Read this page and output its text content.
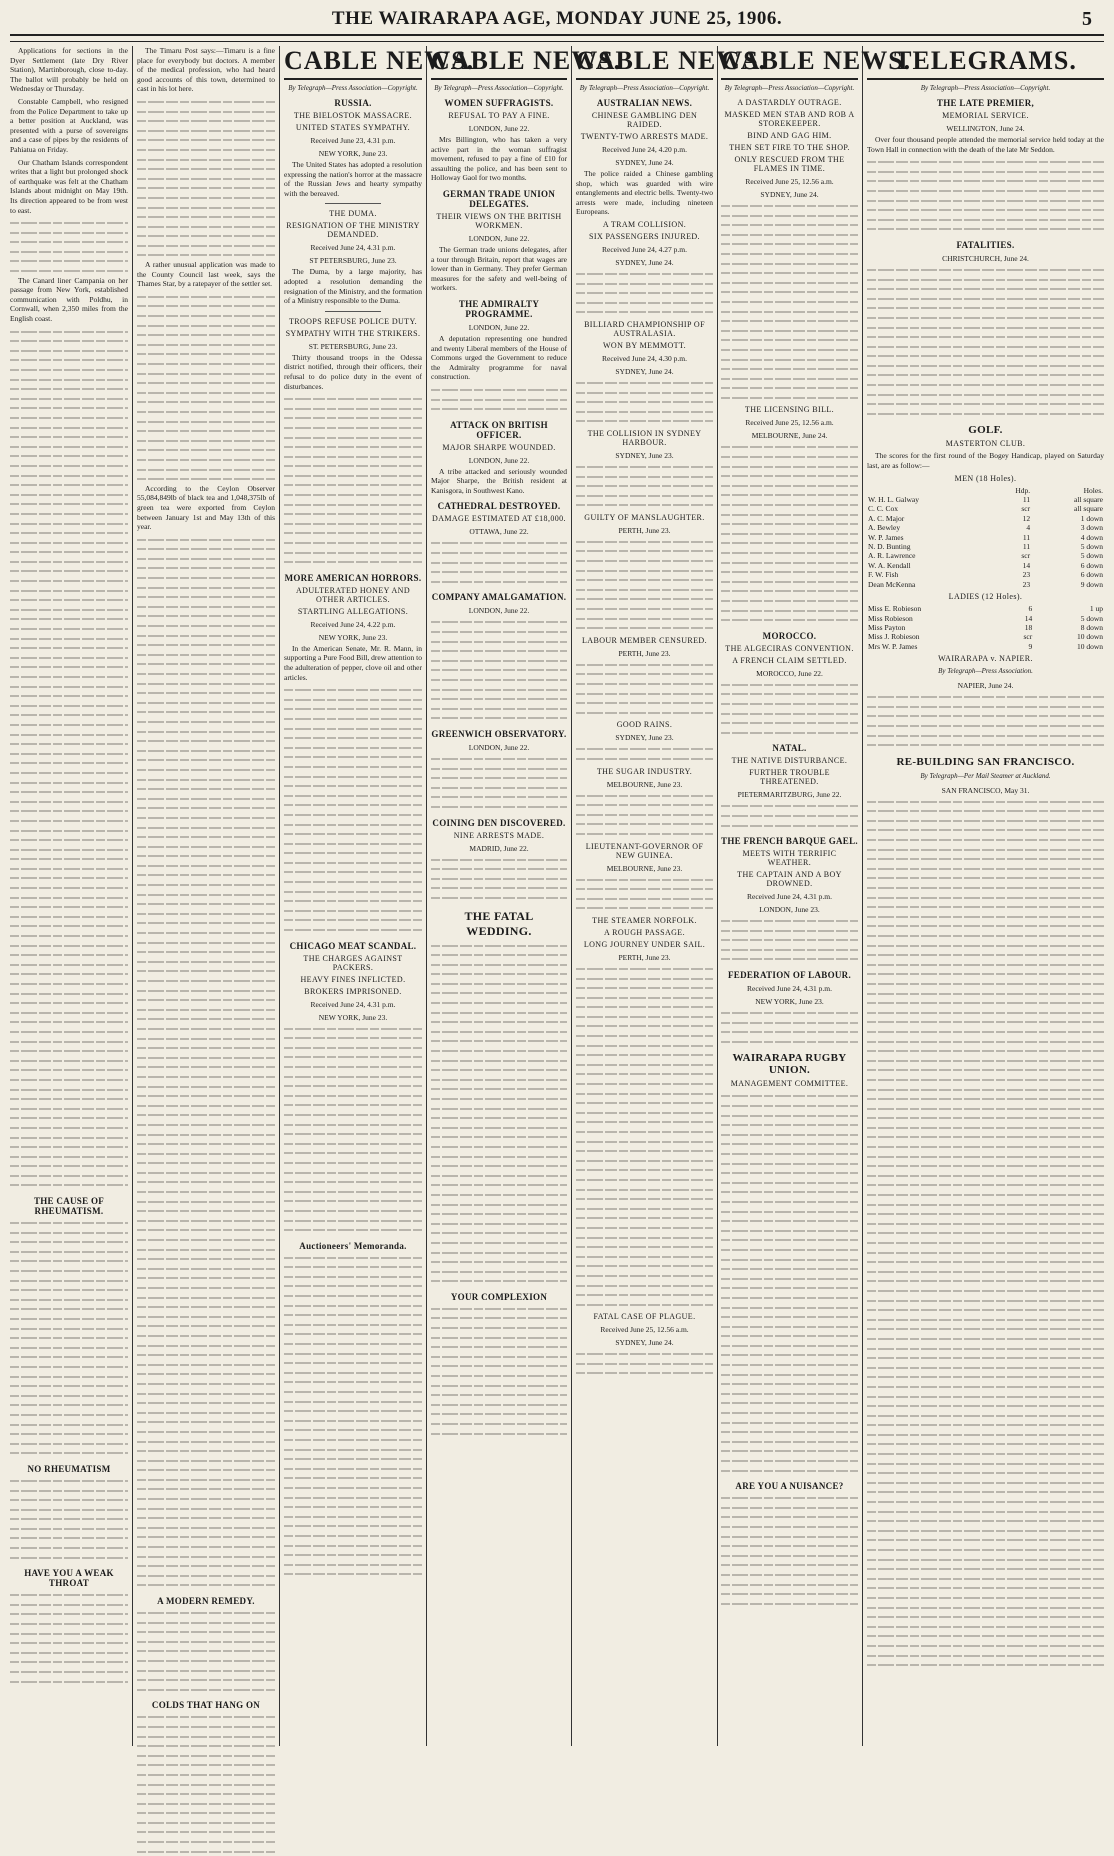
THE WAIRARAPA AGE, MONDAY JUNE 25, 1906.	5

Applications for sections in the Dyer Settlement (late Dry River Station), Martinborough, close to-day. The ballot will probably be held on Wednesday or Thursday.

Constable Campbell, who resigned from the Police Department to take up a better position at Auckland, was presented with a purse of sovereigns and a case of pipes by the residents of Pahiatua on Friday.

Our Chatham Islands correspondent writes that a light but prolonged shock of earthquake was felt at the Chatham Islands about midnight on May 19th. Its direction appeared to be from west to east.

The Canard liner Campania on her passage from New York, established communication with Poldhu, in Cornwall, when 2,350 miles from the English coast.

THE CAUSE OF RHEUMATISM.
NO RHEUMATISM
HAVE YOU A WEAK THROAT

The Timaru Post says:—Timaru is a fine place for everybody but doctors. A member of the medical profession, who had heard good accounts of this town, determined to cast in his lot here.

A rather unusual application was made to the County Council last week, says the Thames Star, by a ratepayer of the settler set.

According to the Ceylon Observer 55,084,849lb of black tea and 1,048,375lb of green tea were exported from Ceylon between January 1st and May 13th of this year.

A MODERN REMEDY.
COLDS THAT HANG ON
CABLE NEWS.
By Telegraph—Press Association—Copyright.
RUSSIA.
THE BIELOSTOK MASSACRE.
UNITED STATES SYMPATHY.
Received June 23, 4.31 p.m.
NEW YORK, June 23.

The United States has adopted a resolution expressing the nation's horror at the massacre of the Russian Jews and hearty sympathy with the bereaved.

THE DUMA.
RESIGNATION OF THE MINISTRY DEMANDED.
Received June 24, 4.31 p.m.
ST PETERSBURG, June 23.

The Duma, by a large majority, has adopted a resolution demanding the resignation of the Ministry, and the formation of a Ministry responsible to the Duma.

TROOPS REFUSE POLICE DUTY.
SYMPATHY WITH THE STRIKERS.
ST. PETERSBURG, June 23.

Thirty thousand troops in the Odessa district notified, through their officers, their refusal to do police duty in the event of disturbances.

MORE AMERICAN HORRORS.
ADULTERATED HONEY AND OTHER ARTICLES.
STARTLING ALLEGATIONS.
Received June 24, 4.22 p.m.
NEW YORK, June 23.

In the American Senate, Mr. R. Mann, in supporting a Pure Food Bill, drew attention to the adulteration of pepper, clove oil and other articles.

CHICAGO MEAT SCANDAL.
THE CHARGES AGAINST PACKERS.
HEAVY FINES INFLICTED.
BROKERS IMPRISONED.
Received June 24, 4.31 p.m.
NEW YORK, June 23.
Auctioneers' Memoranda.
CABLE NEWS.
By Telegraph—Press Association—Copyright.
WOMEN SUFFRAGISTS.
REFUSAL TO PAY A FINE.
LONDON, June 22.

Mrs Billington, who has taken a very active part in the woman suffragist movement, refused to pay a fine of £10 for assaulting the police, and has been sent to Holloway Gaol for two months.

GERMAN TRADE UNION DELEGATES.
THEIR VIEWS ON THE BRITISH WORKMEN.
LONDON, June 22.

The German trade unions delegates, after a tour through Britain, report that wages are lower than in Germany. They prefer German measures for the safety and well-being of workers.

THE ADMIRALTY PROGRAMME.
LONDON, June 22.

A deputation representing one hundred and twenty Liberal members of the House of Commons urged the Government to reduce the Admiralty programme for naval construction.

ATTACK ON BRITISH OFFICER.
MAJOR SHARPE WOUNDED.
LONDON, June 22.

A tribe attacked and seriously wounded Major Sharpe, the British resident at Kanisgora, in Southwest Kano.

CATHEDRAL DESTROYED.
DAMAGE ESTIMATED AT £18,000.
OTTAWA, June 22.
COMPANY AMALGAMATION.
LONDON, June 22.
GREENWICH OBSERVATORY.
LONDON, June 22.
COINING DEN DISCOVERED.
NINE ARRESTS MADE.
MADRID, June 22.
THE FATAL WEDDING.
YOUR COMPLEXION
CABLE NEWS.
By Telegraph—Press Association—Copyright.
AUSTRALIAN NEWS.
CHINESE GAMBLING DEN RAIDED.
TWENTY-TWO ARRESTS MADE.
Received June 24, 4.20 p.m.
SYDNEY, June 24.

The police raided a Chinese gambling shop, which was guarded with wire entanglements and electric bells. Twenty-two arrests were made, including nineteen Europeans.

A TRAM COLLISION.
SIX PASSENGERS INJURED.
Received June 24, 4.27 p.m.
SYDNEY, June 24.
BILLIARD CHAMPIONSHIP OF AUSTRALASIA.
WON BY MEMMOTT.
Received June 24, 4.30 p.m.
SYDNEY, June 24.
THE COLLISION IN SYDNEY HARBOUR.
SYDNEY, June 23.
GUILTY OF MANSLAUGHTER.
PERTH, June 23.
LABOUR MEMBER CENSURED.
PERTH, June 23.
GOOD RAINS.
SYDNEY, June 23.
THE SUGAR INDUSTRY.
MELBOURNE, June 23.
LIEUTENANT-GOVERNOR OF NEW GUINEA.
MELBOURNE, June 23.
THE STEAMER NORFOLK.
A ROUGH PASSAGE.
LONG JOURNEY UNDER SAIL.
PERTH, June 23.
FATAL CASE OF PLAGUE.
Received June 25, 12.56 a.m.
SYDNEY, June 24.
CABLE NEWS.
By Telegraph—Press Association—Copyright.
A DASTARDLY OUTRAGE.
MASKED MEN STAB AND ROB A STOREKEEPER.
BIND AND GAG HIM.
THEN SET FIRE TO THE SHOP.
ONLY RESCUED FROM THE FLAMES IN TIME.
Received June 25, 12.56 a.m.
SYDNEY, June 24.
THE LICENSING BILL.
Received June 25, 12.56 a.m.
MELBOURNE, June 24.
MOROCCO.
THE ALGECIRAS CONVENTION.
A FRENCH CLAIM SETTLED.
MOROCCO, June 22.
NATAL.
THE NATIVE DISTURBANCE.
FURTHER TROUBLE THREATENED.
PIETERMARITZBURG, June 22.
THE FRENCH BARQUE GAEL.
MEETS WITH TERRIFIC WEATHER.
THE CAPTAIN AND A BOY DROWNED.
Received June 24, 4.31 p.m.
LONDON, June 23.
FEDERATION OF LABOUR.
Received June 24, 4.31 p.m.
NEW YORK, June 23.
WAIRARAPA RUGBY UNION.
MANAGEMENT COMMITTEE.
ARE YOU A NUISANCE?
TELEGRAMS.
By Telegraph—Press Association—Copyright.
THE LATE PREMIER,
MEMORIAL SERVICE.
WELLINGTON, June 24.

Over four thousand people attended the memorial service held today at the Town Hall in connection with the death of the late Mr Seddon.

FATALITIES.
CHRISTCHURCH, June 24.
GOLF.
MASTERTON CLUB.

The scores for the first round of the Bogey Handicap, played on Saturday last, are as follow:—

MEN (18 Holes).
	Hdp.	Holes.
W. H. L. Galway	11	all square
C. C. Cox	scr	all square
A. C. Major	12	1 down
A. Bewley	4	3 down
W. P. James	11	4 down
N. D. Bunting	11	5 down
A. R. Lawrence	scr	5 down
W. A. Kendall	14	6 down
F. W. Fish	23	6 down
Dean McKenna	23	9 down
LADIES (12 Holes).
Miss E. Robieson	6	1 up
Miss Robieson	14	5 down
Miss Payton	18	8 down
Miss J. Robieson	scr	10 down
Mrs W. P. James	9	10 down
WAIRARAPA v. NAPIER.
By Telegraph—Press Association.
NAPIER, June 24.
RE-BUILDING SAN FRANCISCO.
By Telegraph—Per Mail Steamer at Auckland.
SAN FRANCISCO, May 31.
